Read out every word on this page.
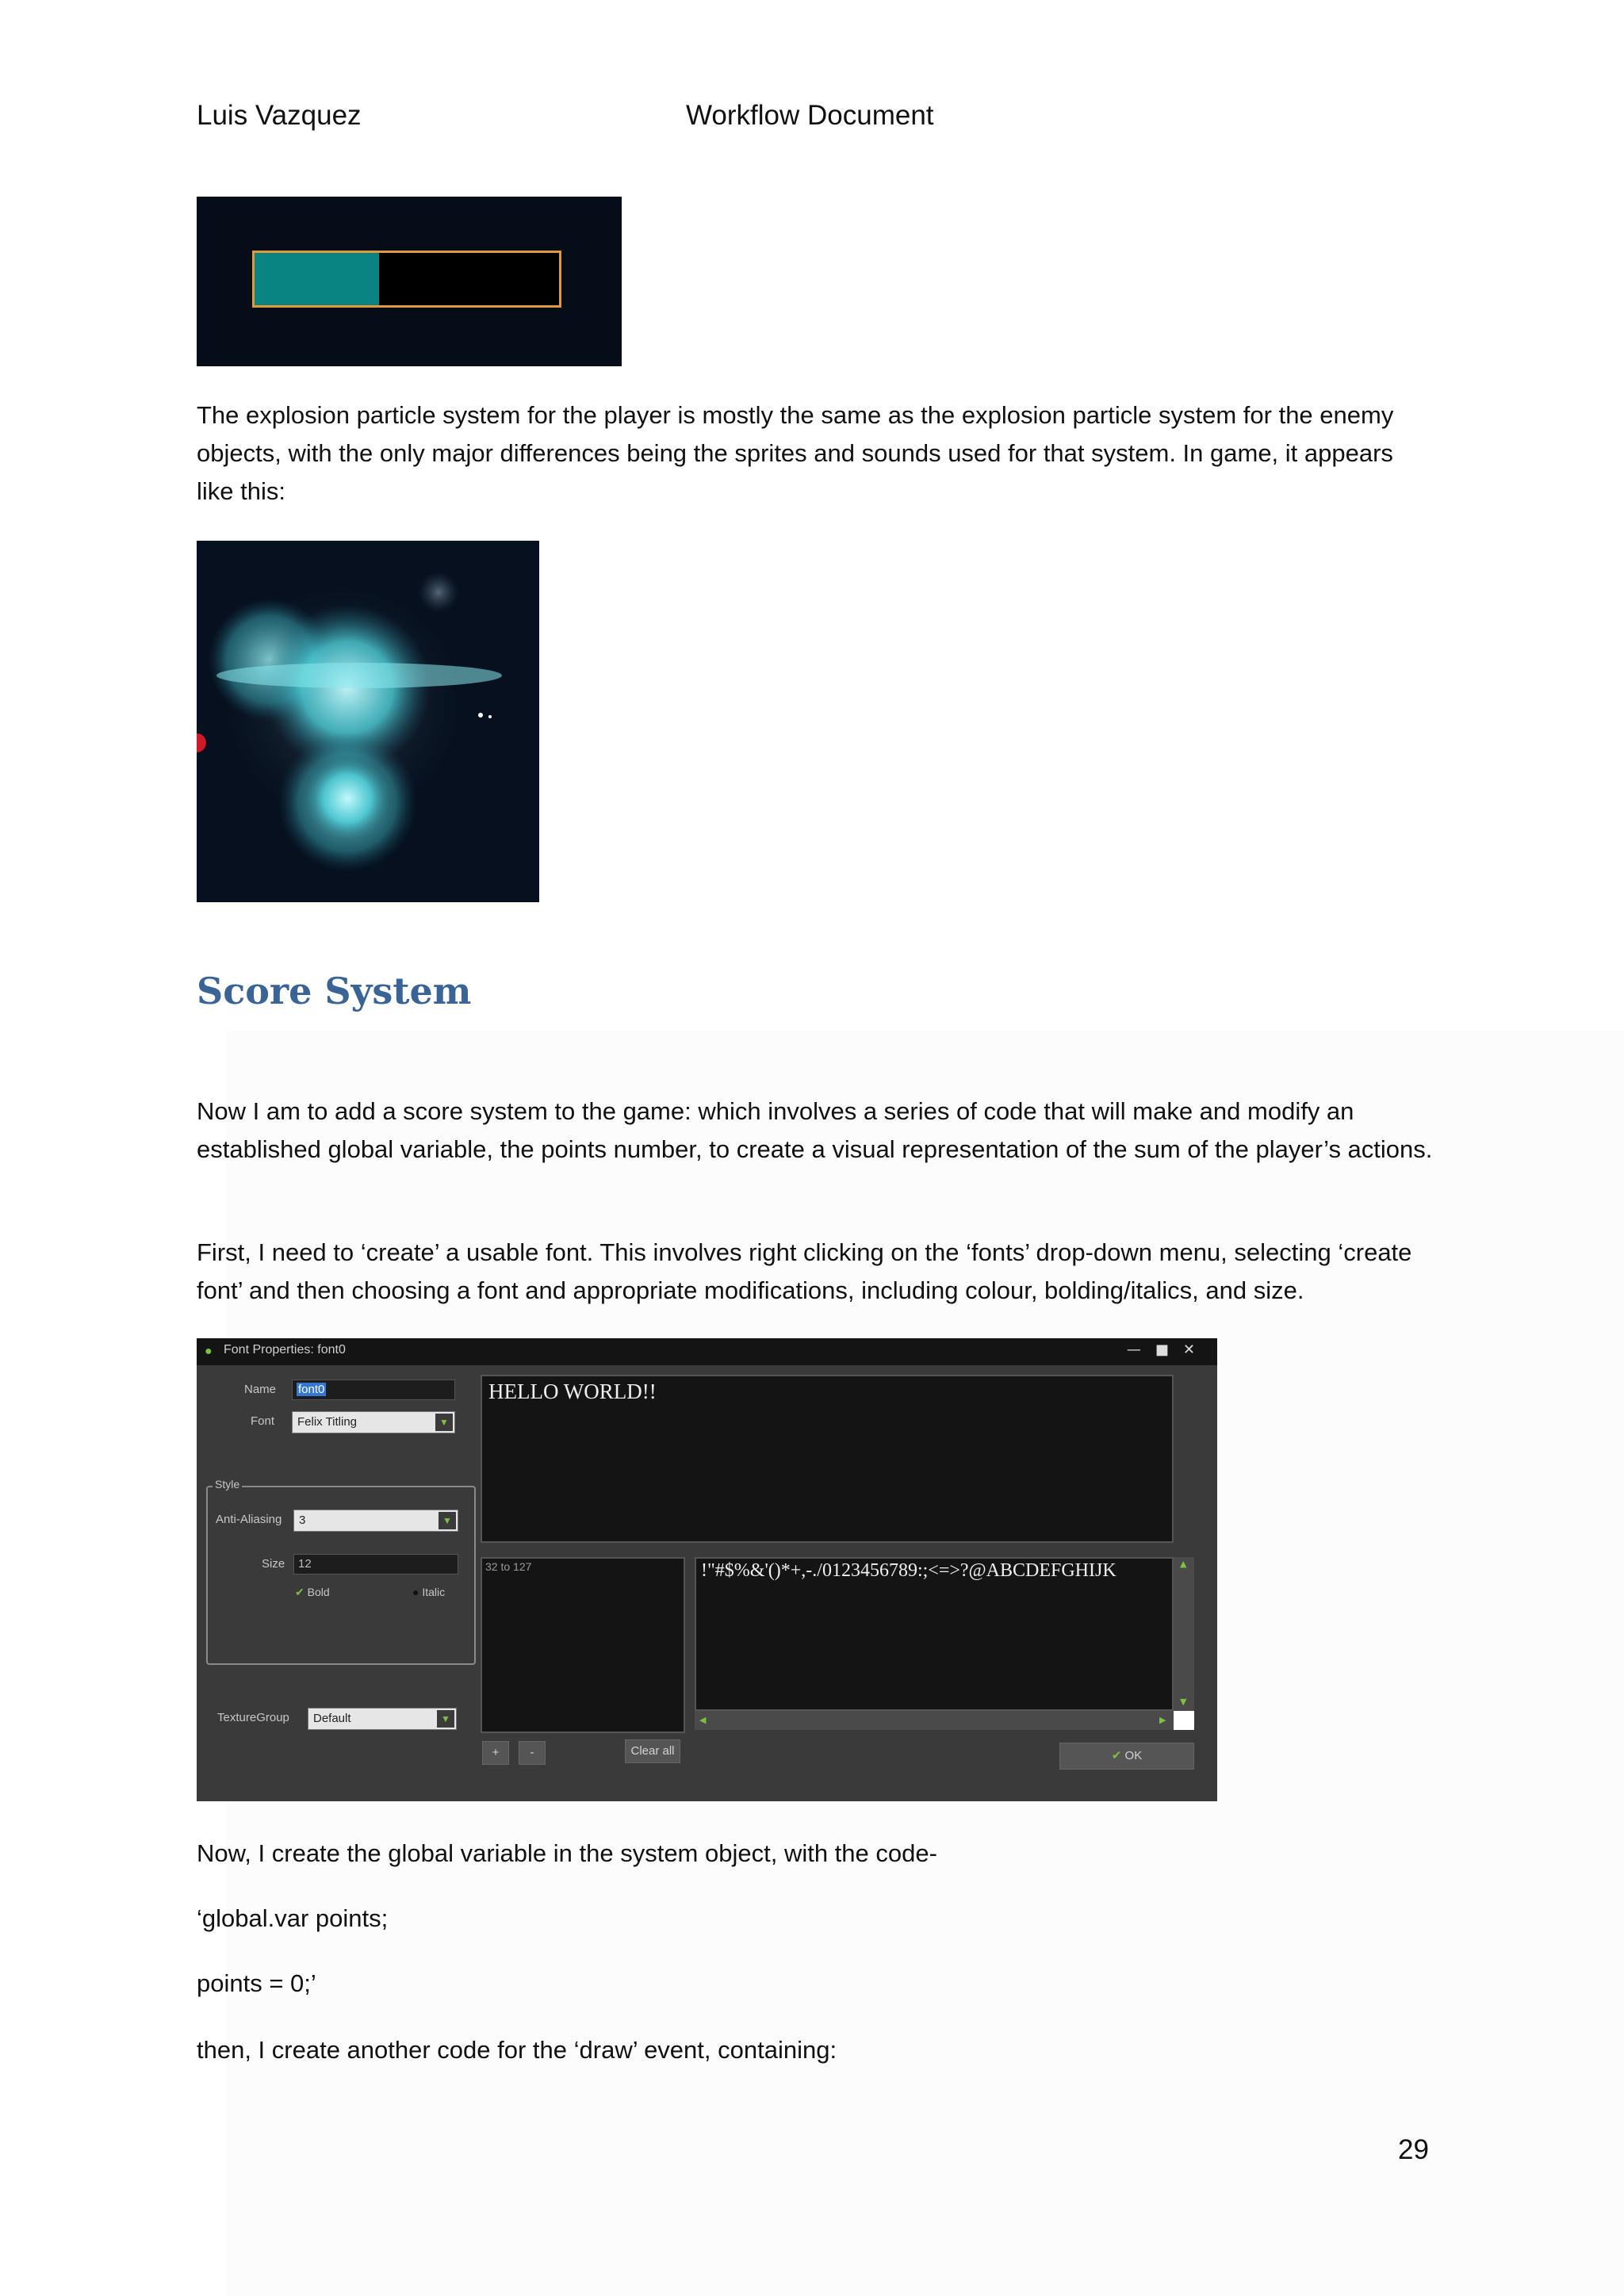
Luis Vazquez	Workflow Document

The explosion particle system for the player is mostly the same as the explosion particle system for the enemy objects, with the only major differences being the sprites and sounds used for that system. In game, it appears like this:

Score System

Now I am to add a score system to the game: which involves a series of code that will make and modify an established global variable, the points number, to create a visual representation of the sum of the player’s actions.

First, I need to ‘create’ a usable font. This involves right clicking on the ‘fonts’ drop-down menu, selecting ‘create font’ and then choosing a font and appropriate modifications, including colour, bolding/italics, and size.

● Font Properties: font0	—■✕
Name	font0
Font	Felix Titling	▼
Style
Anti-Aliasing	3	▼
Size	12
✔ Bold	● Italic
TextureGroup	Default	▼
HELLO WORLD!!
32 to 127	!"#$%&'()*+,-./0123456789:;<=>?@ABCDEFGHIJK	▲
▼
◀	▶
+	-	Clear all	✔ OK

Now, I create the global variable in the system object, with the code-

‘global.var points;

points = 0;’

then, I create another code for the ‘draw’ event, containing:

29
